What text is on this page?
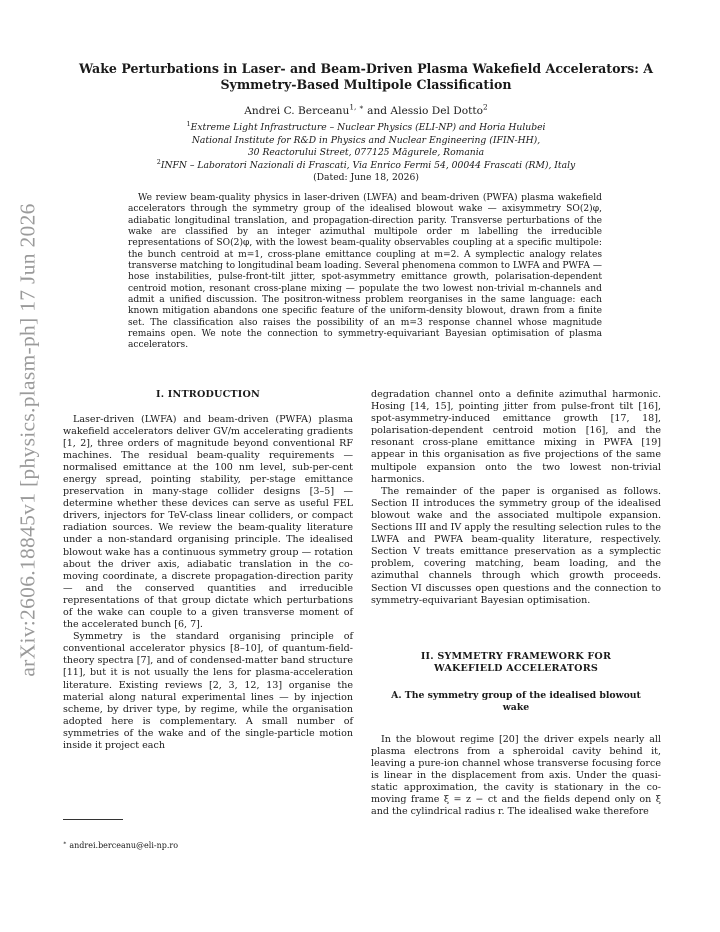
arXiv:2606.18845v1 [physics.plasm-ph] 17 Jun 2026
Wake Perturbations in Laser- and Beam-Driven Plasma Wakefield Accelerators: A
Symmetry-Based Multipole Classification
Andrei C. Berceanu$^{1, ∗}$ and Alessio Del Dotto$^2$
$^1$Extreme Light Infrastructure – Nuclear Physics (ELI-NP) and Horia Hulubei
National Institute for R&D in Physics and Nuclear Engineering (IFIN-HH),
30 Reactorului Street, 077125 Măgurele, Romania
$^2$INFN – Laboratori Nazionali di Frascati, Via Enrico Fermi 54, 00044 Frascati (RM), Italy
(Dated: June 18, 2026)

We review beam-quality physics in laser-driven (LWFA) and beam-driven (PWFA) plasma wakefield accelerators through the symmetry group of the idealised blowout wake — axisymmetry SO(2)φ, adiabatic longitudinal translation, and propagation-direction parity. Transverse perturbations of the wake are classified by an integer azimuthal multipole order m labelling the irreducible representations of SO(2)φ, with the lowest beam-quality observables coupling at a specific multipole: the bunch centroid at m=1, cross-plane emittance coupling at m=2. A symplectic analogy relates transverse matching to longitudinal beam loading. Several phenomena common to LWFA and PWFA — hose instabilities, pulse-front-tilt jitter, spot-asymmetry emittance growth, polarisation-dependent centroid motion, resonant cross-plane mixing — populate the two lowest non-trivial m-channels and admit a unified discussion. The positron-witness problem reorganises in the same language: each known mitigation abandons one specific feature of the uniform-density blowout, drawn from a finite set. The classification also raises the possibility of an m=3 response channel whose magnitude remains open. We note the connection to symmetry-equivariant Bayesian optimisation of plasma accelerators.

I. INTRODUCTION

Laser-driven (LWFA) and beam-driven (PWFA) plasma wakefield accelerators deliver GV/m accelerating gradients [1, 2], three orders of magnitude beyond conventional RF machines. The residual beam-quality requirements — normalised emittance at the 100 nm level, sub-per-cent energy spread, pointing stability, per-stage emittance preservation in many-stage collider designs [3–5] — determine whether these devices can serve as useful FEL drivers, injectors for TeV-class linear colliders, or compact radiation sources. We review the beam-quality literature under a non-standard organising principle. The idealised blowout wake has a continuous symmetry group — rotation about the driver axis, adiabatic translation in the co-moving coordinate, a discrete propagation-direction parity — and the conserved quantities and irreducible representations of that group dictate which perturbations of the wake can couple to a given transverse moment of the accelerated bunch [6, 7].

Symmetry is the standard organising principle of conventional accelerator physics [8–10], of quantum-field-theory spectra [7], and of condensed-matter band structure [11], but it is not usually the lens for plasma-acceleration literature. Existing reviews [2, 3, 12, 13] organise the material along natural experimental lines — by injection scheme, by driver type, by regime, while the organisation adopted here is complementary. A small number of symmetries of the wake and of the single-particle motion inside it project each

degradation channel onto a definite azimuthal harmonic. Hosing [14, 15], pointing jitter from pulse-front tilt [16], spot-asymmetry-induced emittance growth [17, 18], polarisation-dependent centroid motion [16], and the resonant cross-plane emittance mixing in PWFA [19] appear in this organisation as five projections of the same multipole expansion onto the two lowest non-trivial harmonics.

The remainder of the paper is organised as follows. Section II introduces the symmetry group of the idealised blowout wake and the associated multipole expansion. Sections III and IV apply the resulting selection rules to the LWFA and PWFA beam-quality literature, respectively. Section V treats emittance preservation as a symplectic problem, covering matching, beam loading, and the azimuthal channels through which growth proceeds. Section VI discusses open questions and the connection to symmetry-equivariant Bayesian optimisation.

II. SYMMETRY FRAMEWORK FOR
WAKEFIELD ACCELERATORS
A. The symmetry group of the idealised blowout
wake

In the blowout regime [20] the driver expels nearly all plasma electrons from a spheroidal cavity behind it, leaving a pure-ion channel whose transverse focusing force is linear in the displacement from axis. Under the quasi-static approximation, the cavity is stationary in the co-moving frame ξ = z − ct and the fields depend only on ξ and the cylindrical radius r. The idealised wake therefore

∗ andrei.berceanu@eli-np.ro
